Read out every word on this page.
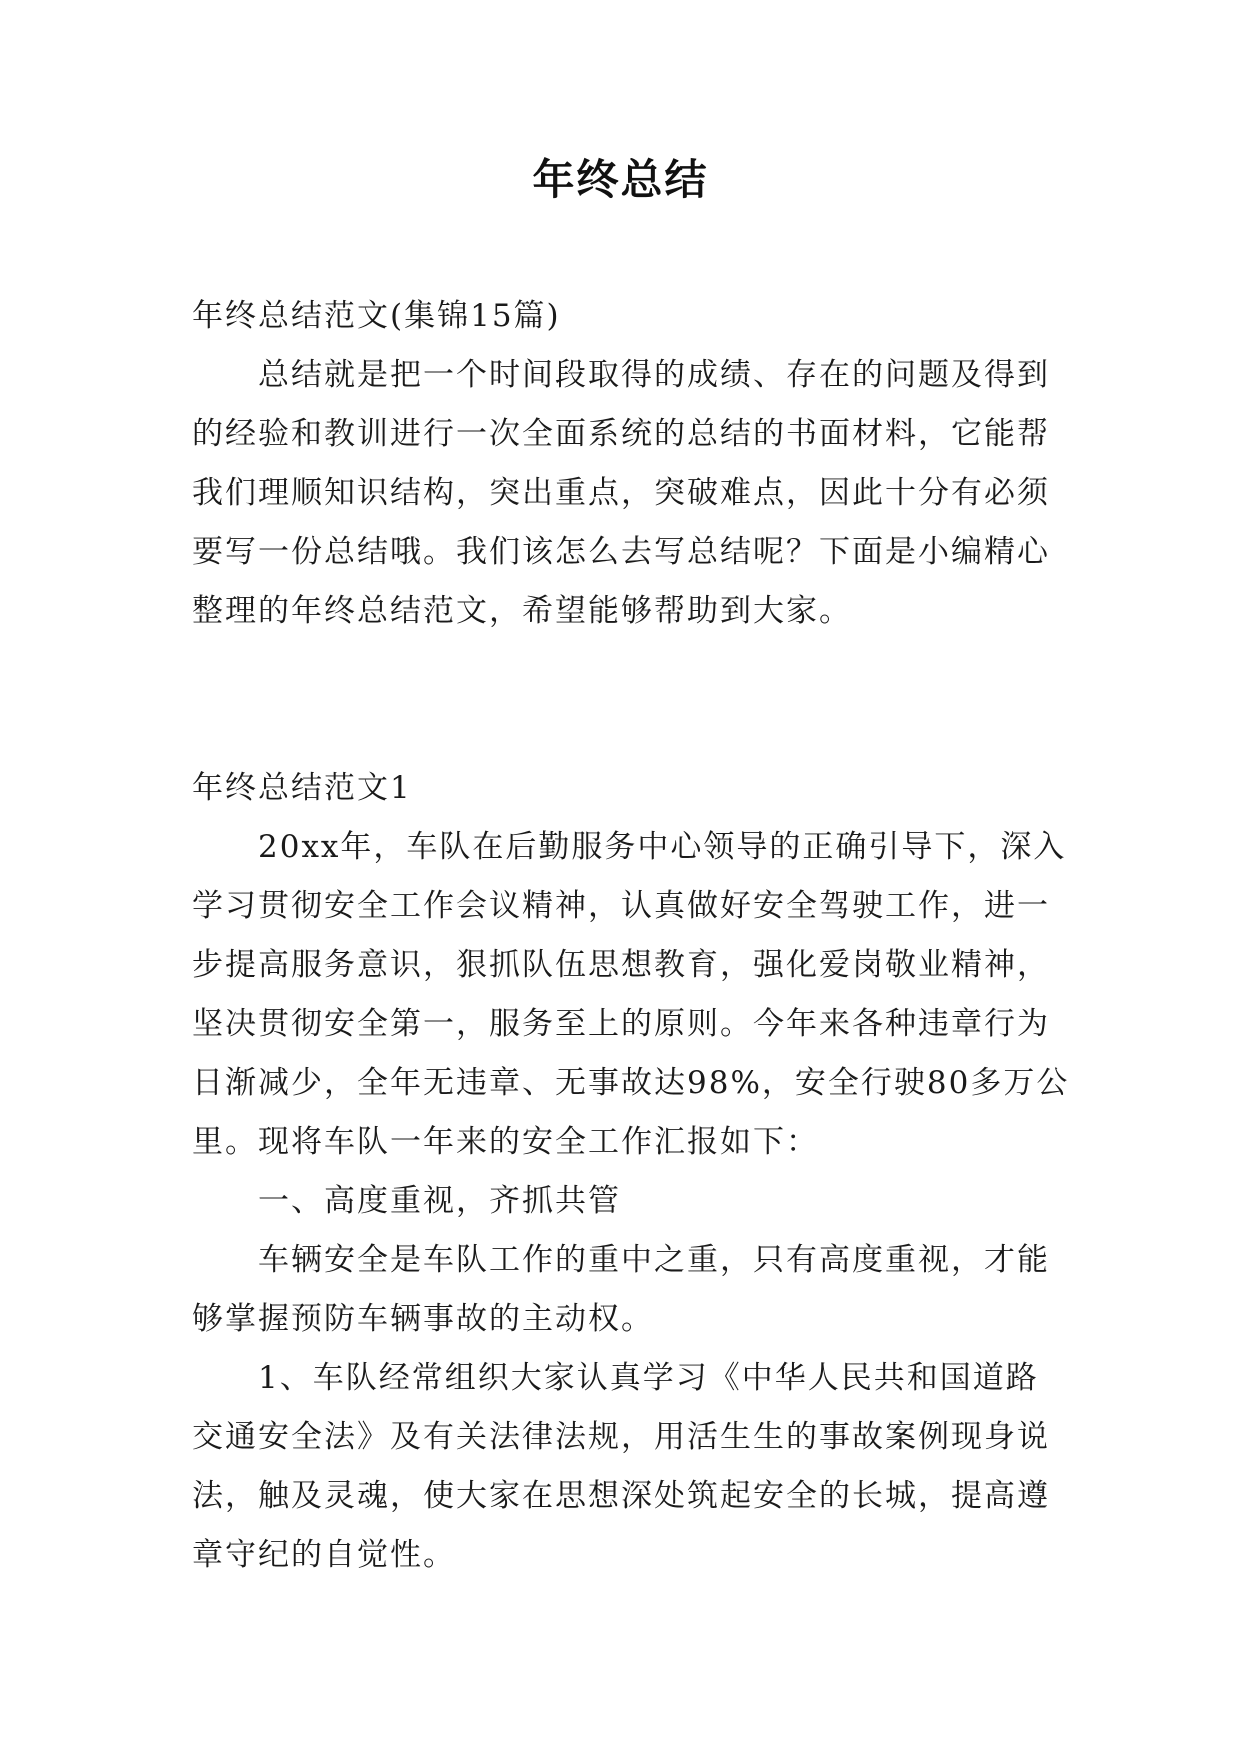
年终总结
年终总结范文(集锦15篇)
总结就是把一个时间段取得的成绩、存在的问题及得到
的经验和教训进行一次全面系统的总结的书面材料，它能帮
我们理顺知识结构，突出重点，突破难点，因此十分有必须
要写一份总结哦。我们该怎么去写总结呢？下面是小编精心
整理的年终总结范文，希望能够帮助到大家。
年终总结范文1
20xx年，车队在后勤服务中心领导的正确引导下，深入
学习贯彻安全工作会议精神，认真做好安全驾驶工作，进一
步提高服务意识，狠抓队伍思想教育，强化爱岗敬业精神，
坚决贯彻安全第一，服务至上的原则。今年来各种违章行为
日渐减少，全年无违章、无事故达98%，安全行驶80多万公
里。现将车队一年来的安全工作汇报如下：
一、高度重视，齐抓共管
车辆安全是车队工作的重中之重，只有高度重视，才能
够掌握预防车辆事故的主动权。
1、车队经常组织大家认真学习《中华人民共和国道路
交通安全法》及有关法律法规，用活生生的事故案例现身说
法，触及灵魂，使大家在思想深处筑起安全的长城，提高遵
章守纪的自觉性。
